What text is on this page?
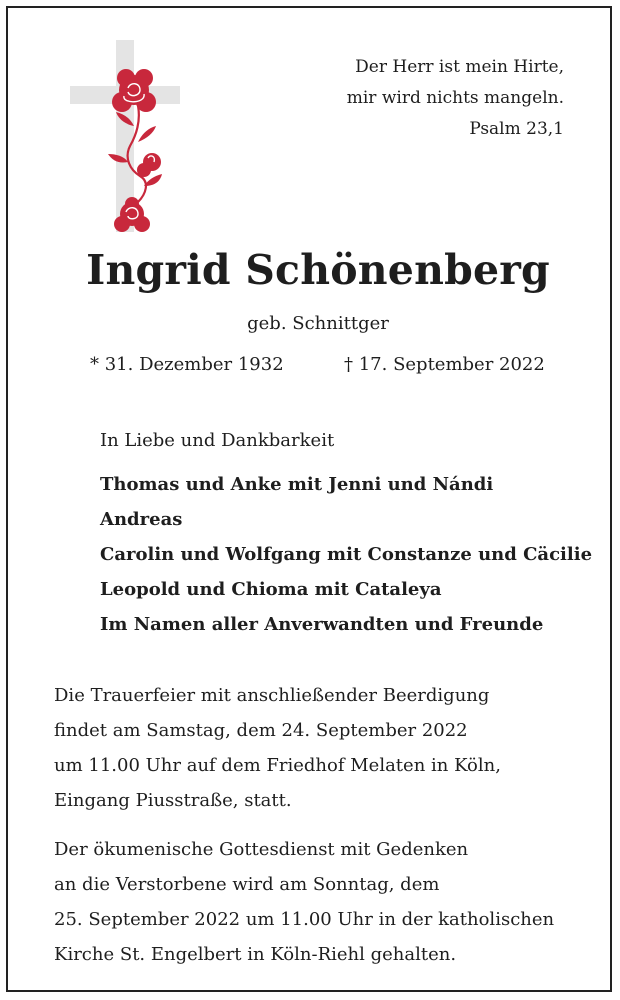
Der Herr ist mein Hirte,
mir wird nichts mangeln.
Psalm 23,1
Ingrid Schönenberg
geb. Schnittger
* 31. Dezember 1932	† 17. September 2022
In Liebe und Dankbarkeit
Thomas und Anke mit Jenni und Nándi
Andreas
Carolin und Wolfgang mit Constanze und Cäcilie
Leopold und Chioma mit Cataleya
Im Namen aller Anverwandten und Freunde
Die Trauerfeier mit anschließender Beerdigung
findet am Samstag, dem 24. September 2022
um 11.00 Uhr auf dem Friedhof Melaten in Köln,
Eingang Piusstraße, statt.
Der ökumenische Gottesdienst mit Gedenken
an die Verstorbene wird am Sonntag, dem
25. September 2022 um 11.00 Uhr in der katholischen
Kirche St. Engelbert in Köln-Riehl gehalten.
